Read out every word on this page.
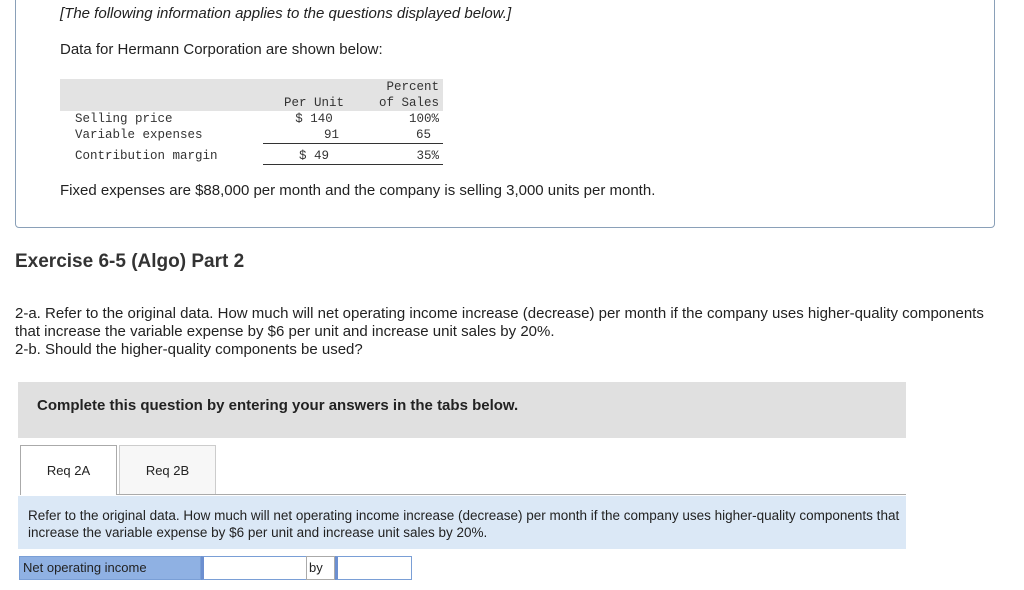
[The following information applies to the questions displayed below.]
Data for Hermann Corporation are shown below:
		Percent
	Per Unit	of Sales
Selling price	$ 140	100%
Variable expenses	91	65
Contribution margin	$ 49	35%
Fixed expenses are $88,000 per month and the company is selling 3,000 units per month.
Exercise 6-5 (Algo) Part 2
2-a. Refer to the original data. How much will net operating income increase (decrease) per month if the company uses higher-quality components that increase the variable expense by $6 per unit and increase unit sales by 20%.
2-b. Should the higher-quality components be used?
Complete this question by entering your answers in the tabs below.
Req 2A	Req 2B
Refer to the original data. How much will net operating income increase (decrease) per month if the company uses higher-quality components that increase the variable expense by $6 per unit and increase unit sales by 20%.
Net operating income	by
